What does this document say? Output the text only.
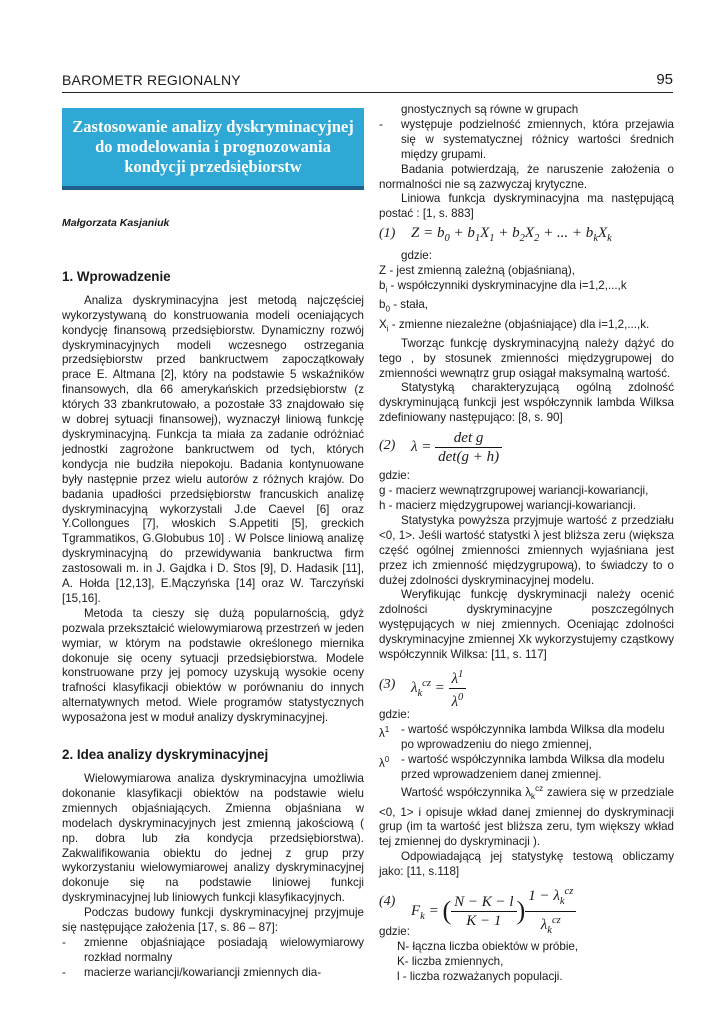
BAROMETR REGIONALNY	95
Zastosowanie analizy dyskryminacyjnej do modelowania i prognozowania kondycji przedsiębiorstw
Małgorzata Kasjaniuk
1. Wprowadzenie

Analiza dyskryminacyjna jest metodą najczęściej wykorzystywaną do konstruowania modeli oceniających kondycję finansową przedsiębiorstw. Dynamiczny rozwój dyskryminacyjnych modeli wczesnego ostrzegania przedsiębiorstw przed bankructwem zapoczątkowały prace E. Altmana [2], który na podstawie 5 wskaźników finansowych, dla 66 amerykańskich przedsiębiorstw (z których 33 zbankrutowało, a pozostałe 33 znajdowało się w dobrej sytuacji finansowej), wyznaczył liniową funkcję dyskryminacyjną. Funkcja ta miała za zadanie odróżniać jednostki zagrożone bankructwem od tych, których kondycja nie budziła niepokoju. Badania kontynuowane były następnie przez wielu autorów z różnych krajów. Do badania upadłości przedsiębiorstw francuskich analizę dyskryminacyjną wykorzystali J.de Caevel [6] oraz Y.Collongues [7], włoskich S.Appetiti [5], greckich Tgrammatikos, G.Globubus 10] . W Polsce liniową analizę dyskryminacyjną do przewidywania bankructwa firm zastosowali m. in J. Gajdka i D. Stos [9], D. Hadasik [11], A. Hołda [12,13], E.Mączyńska [14] oraz W. Tarczyński [15,16].

Metoda ta cieszy się dużą popularnością, gdyż pozwala przekształcić wielowymiarową przestrzeń w jeden wymiar, w którym na podstawie określonego miernika dokonuje się oceny sytuacji przedsiębiorstwa. Modele konstruowane przy jej pomocy uzyskują wysokie oceny trafności klasyfikacji obiektów w porównaniu do innych alternatywnych metod. Wiele programów statystycznych wyposażona jest w moduł analizy dyskryminacyjnej.

2. Idea analizy dyskryminacyjnej

Wielowymiarowa analiza dyskryminacyjna umożliwia dokonanie klasyfikacji obiektów na podstawie wielu zmiennych objaśniających. Zmienna objaśniana w modelach dyskryminacyjnych jest zmienną jakościową ( np. dobra lub zła kondycja przedsiębiorstwa). Zakwalifikowania obiektu do jednej z grup przy wykorzystaniu wielowymiarowej analizy dyskryminacyjnej dokonuje się na podstawie liniowej funkcji dyskryminacyjnej lub liniowych funkcji klasyfikacyjnych.

Podczas budowy funkcji dyskryminacyjnej przyjmuje się następujące założenia [17, s. 86 – 87]:

- zmienne objaśniające posiadają wielowymiarowy rozkład normalny
- macierze wariancji/kowariancji zmiennych dia-

gnostycznych są równe w grupach

- występuje podzielność zmiennych, która przejawia się w systematycznej różnicy wartości średnich między grupami.

Badania potwierdzają, że naruszenie założenia o normalności nie są zazwyczaj krytyczne.

Liniowa funkcja dyskryminacyjna ma następującą postać : [1, s. 883]

(1) $Z = b_0 + b_1X_1 + b_2X_2$ + ... + $b_kX_k$

gdzie:

Z - jest zmienną zależną (objaśnianą),
$b_i$ - współczynniki dyskryminacyjne dla i=1,2,...,k
$b_0$ - stała,
$X_i$ - zmienne niezależne (objaśniające) dla i=1,2,...,k.

Tworząc funkcję dyskryminacyjną należy dążyć do tego , by stosunek zmienności międzygrupowej do zmienności wewnątrz grup osiągał maksymalną wartość.

Statystyką charakteryzującą ogólną zdolność dyskryminującą funkcji jest współczynnik lambda Wilksa zdefiniowany następująco: [8, s. 90]

(2) λ =
det g
det(g + h)

gdzie:

g - macierz wewnątrzgrupowej wariancji-kowariancji,
h - macierz międzygrupowej wariancji-kowariancji.

Statystyka powyższa przyjmuje wartość z przedziału <0, 1>. Jeśli wartość statystki λ jest bliższa zeru (większa część ogólnej zmienności zmiennych wyjaśniana jest przez ich zmienność międzygrupową), to świadczy to o dużej zdolności dyskryminacyjnej modelu.

Weryfikując funkcję dyskryminacji należy ocenić zdolności dyskryminacyjne poszczególnych występujących w niej zmiennych. Oceniając zdolności dyskryminacyjne zmiennej Xk wykorzystujemy cząstkowy współczynnik Wilksa: [11, s. 117]

(3) $\lambda_k^{cz} = \frac{\lambda^1}{\lambda^0}$

gdzie:

$\lambda^1$ - wartość współczynnika lambda Wilksa dla modelu po wprowadzeniu do niego zmiennej,
$\lambda^0$ - wartość współczynnika lambda Wilksa dla modelu przed wprowadzeniem danej zmiennej.

Wartość współczynnika $\lambda_k^{cz}$ zawiera się w przedziale <0, 1> i opisuje wkład danej zmiennej do dyskryminacji grup (im ta wartość jest bliższa zeru, tym większy wkład tej zmiennej do dyskryminacji ).

Odpowiadającą jej statystykę testową obliczamy jako: [11, s.118]

(4)
$F_k$ = ( $\frac{N - K - l}{K - 1}$ )
$1 - \lambda_k^{cz}$
$\lambda_k^{cz}$

gdzie:

N- łączna liczba obiektów w próbie,
K- liczba zmiennych,
l - liczba rozważanych populacji.
